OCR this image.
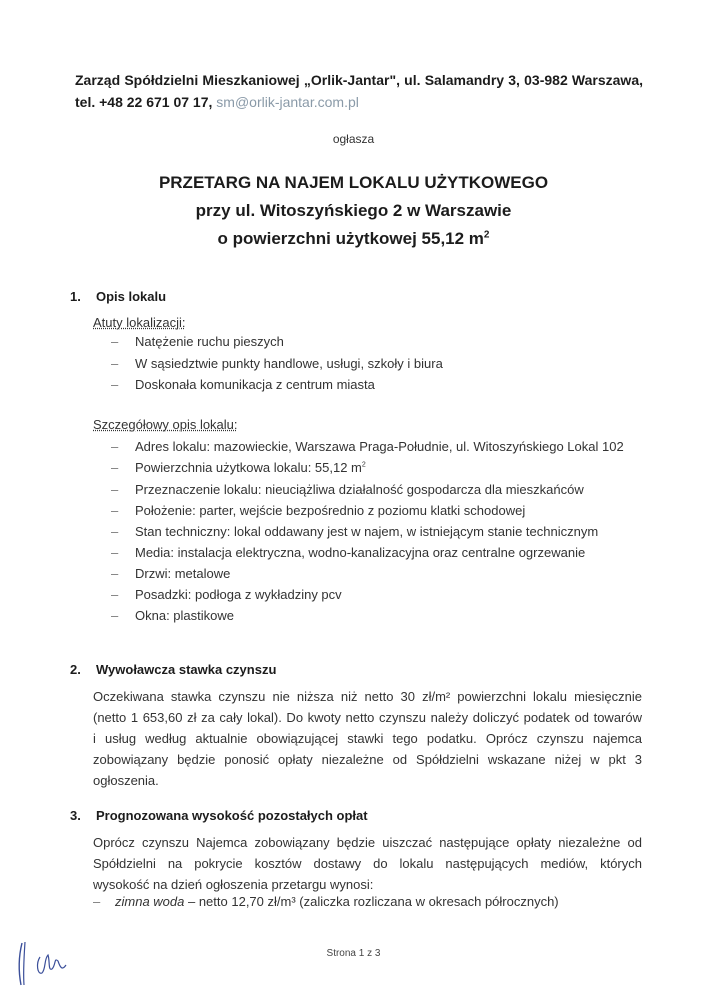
Zarząd Spółdzielni Mieszkaniowej „Orlik-Jantar", ul. Salamandry 3, 03-982 Warszawa,
tel. +48 22 671 07 17, sm@orlik-jantar.com.pl
ogłasza
PRZETARG NA NAJEM LOKALU UŻYTKOWEGO
przy ul. Witoszyńskiego 2 w Warszawie
o powierzchni użytkowej 55,12 $m^2$
1. Opis lokalu
Atuty lokalizacji:
– Natężenie ruchu pieszych
– W sąsiedztwie punkty handlowe, usługi, szkoły i biura
– Doskonała komunikacja z centrum miasta
Szczegółowy opis lokalu:
– Adres lokalu: mazowieckie, Warszawa Praga-Południe, ul. Witoszyńskiego Lokal 102
– Powierzchnia użytkowa lokalu: 55,12 $m^2$
– Przeznaczenie lokalu: nieuciążliwa działalność gospodarcza dla mieszkańców
– Położenie: parter, wejście bezpośrednio z poziomu klatki schodowej
– Stan techniczny: lokal oddawany jest w najem, w istniejącym stanie technicznym
– Media: instalacja elektryczna, wodno-kanalizacyjna oraz centralne ogrzewanie
– Drzwi: metalowe
– Posadzki: podłoga z wykładziny pcv
– Okna: plastikowe
2. Wywoławcza stawka czynszu
Oczekiwana stawka czynszu nie niższa niż netto 30 zł/m² powierzchni lokalu miesięcznie
(netto 1 653,60 zł za cały lokal). Do kwoty netto czynszu należy doliczyć podatek od towarów
i usług według aktualnie obowiązującej stawki tego podatku. Oprócz czynszu najemca
zobowiązany będzie ponosić opłaty niezależne od Spółdzielni wskazane niżej w pkt 3
ogłoszenia.
3. Prognozowana wysokość pozostałych opłat
Oprócz czynszu Najemca zobowiązany będzie uiszczać następujące opłaty niezależne od
Spółdzielni na pokrycie kosztów dostawy do lokalu następujących mediów, których
wysokość na dzień ogłoszenia przetargu wynosi:
– zimna woda – netto 12,70 zł/m³ (zaliczka rozliczana w okresach półrocznych)
Strona 1 z 3
